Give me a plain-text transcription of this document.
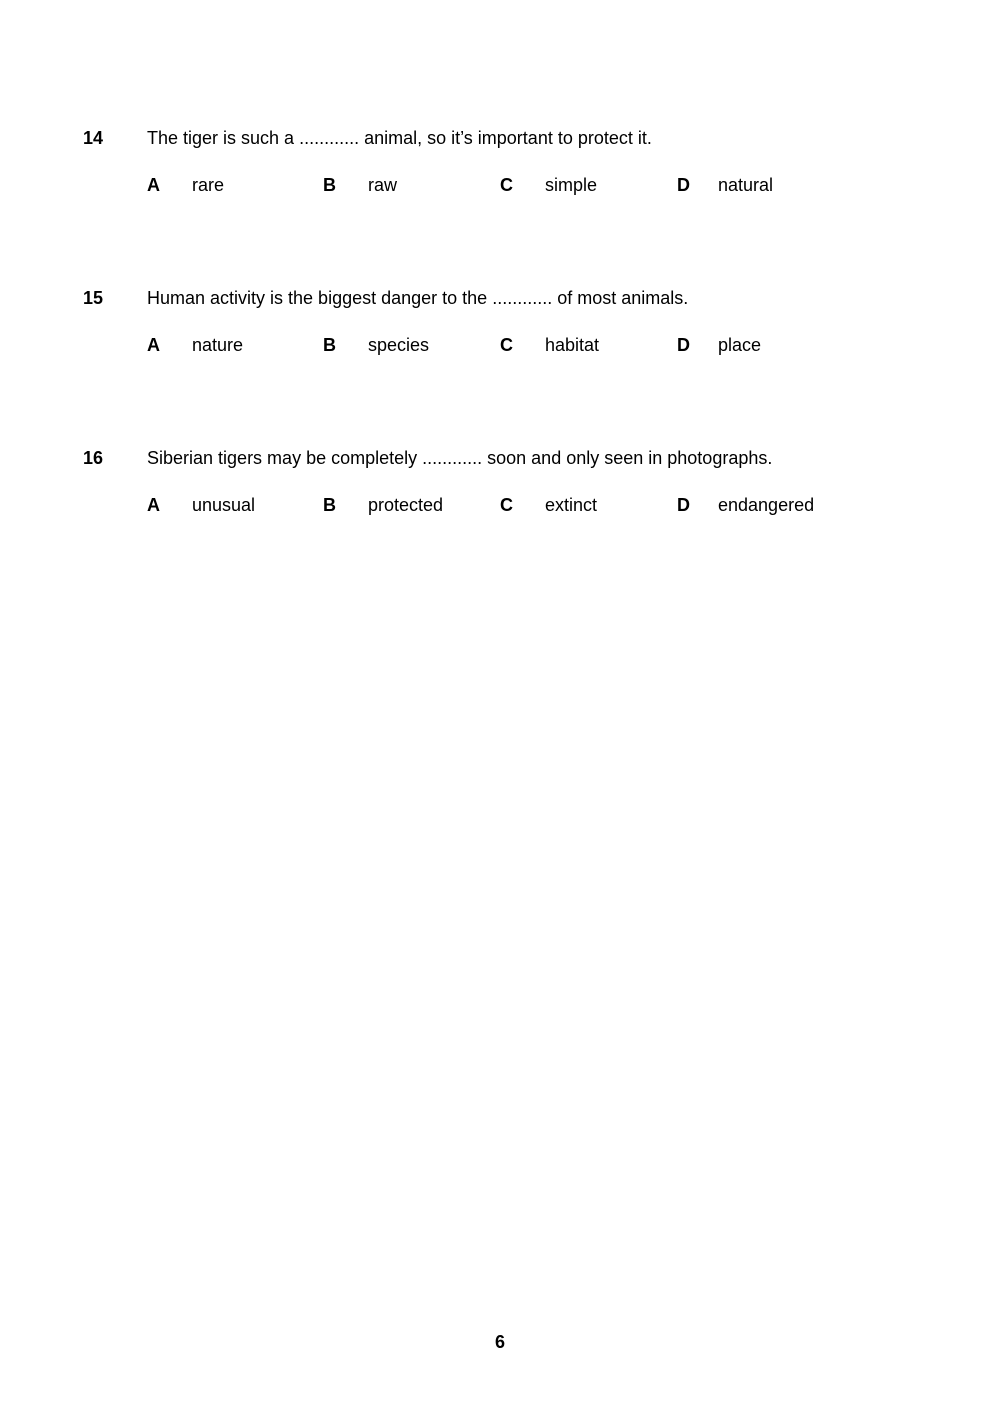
14 The tiger is such a ............ animal, so it’s important to protect it.
A rare	B raw	C simple	D natural
15 Human activity is the biggest danger to the ............ of most animals.
A nature	B species	C habitat	D place
16 Siberian tigers may be completely ............ soon and only seen in photographs.
A unusual	B protected	C extinct	D endangered
6
